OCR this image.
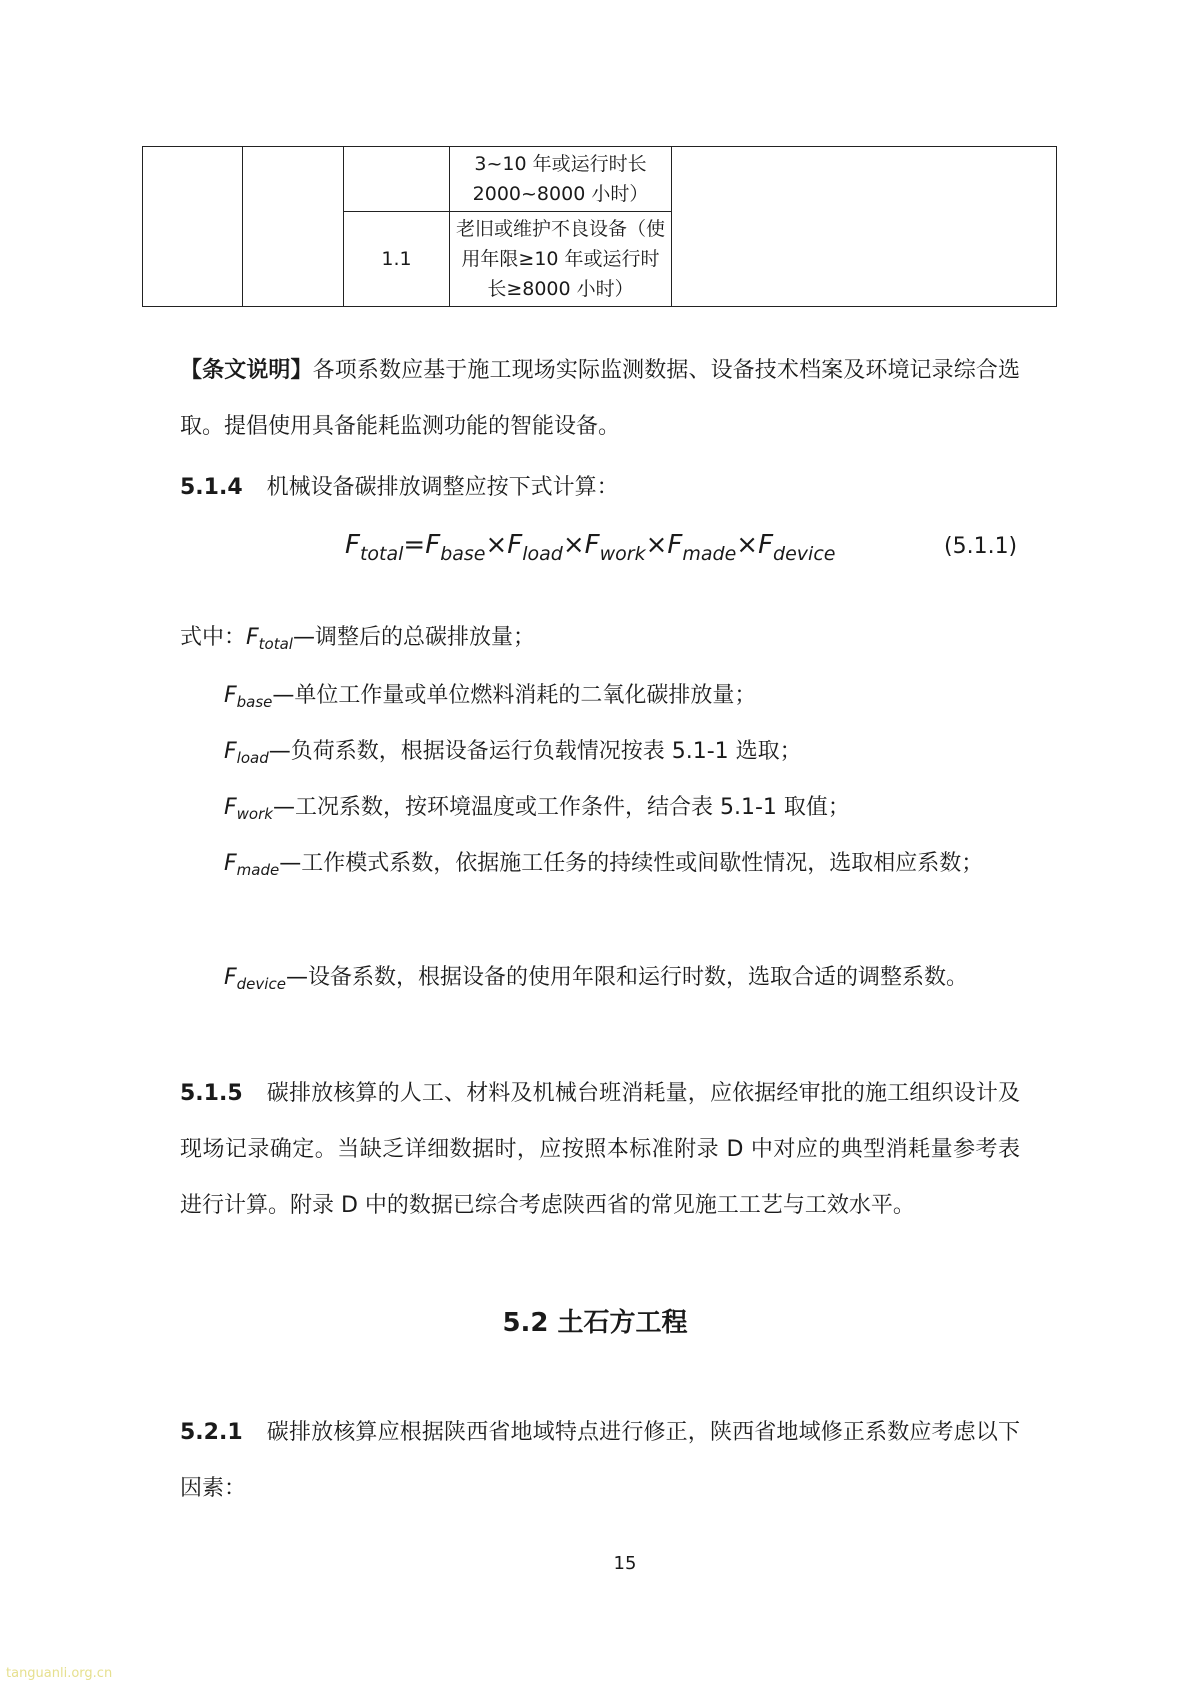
			3~10 年或运行时长 2000~8000 小时）	
		1.1	老旧或维护不良设备（使用年限≥10 年或运行时长≥8000 小时）	
【条文说明】各项系数应基于施工现场实际监测数据、设备技术档案及环境记录综合选取。提倡使用具备能耗监测功能的智能设备。
5.1.4 机械设备碳排放调整应按下式计算：
$F_{total}=F_{base}\times F_{load}\times F_{work}\times F_{made}\times F_{device}$	(5.1.1)
式中：$F_{total}—$调整后的总碳排放量；
$F_{base}—$单位工作量或单位燃料消耗的二氧化碳排放量；
$F_{load}—$负荷系数，根据设备运行负载情况按表 5.1-1 选取；
$F_{work}—$工况系数，按环境温度或工作条件，结合表 5.1-1 取值；
$F_{made}—$工作模式系数，依据施工任务的持续性或间歇性情况，选取相应系数；
$F_{device}—$设备系数，根据设备的使用年限和运行时数，选取合适的调整系数。
5.1.5 碳排放核算的人工、材料及机械台班消耗量，应依据经审批的施工组织设计及现场记录确定。当缺乏详细数据时，应按照本标准附录 D 中对应的典型消耗量参考表进行计算。附录 D 中的数据已综合考虑陕西省的常见施工工艺与工效水平。
5.2 土石方工程
5.2.1 碳排放核算应根据陕西省地域特点进行修正，陕西省地域修正系数应考虑以下因素：
15
tanguanli.org.cn
